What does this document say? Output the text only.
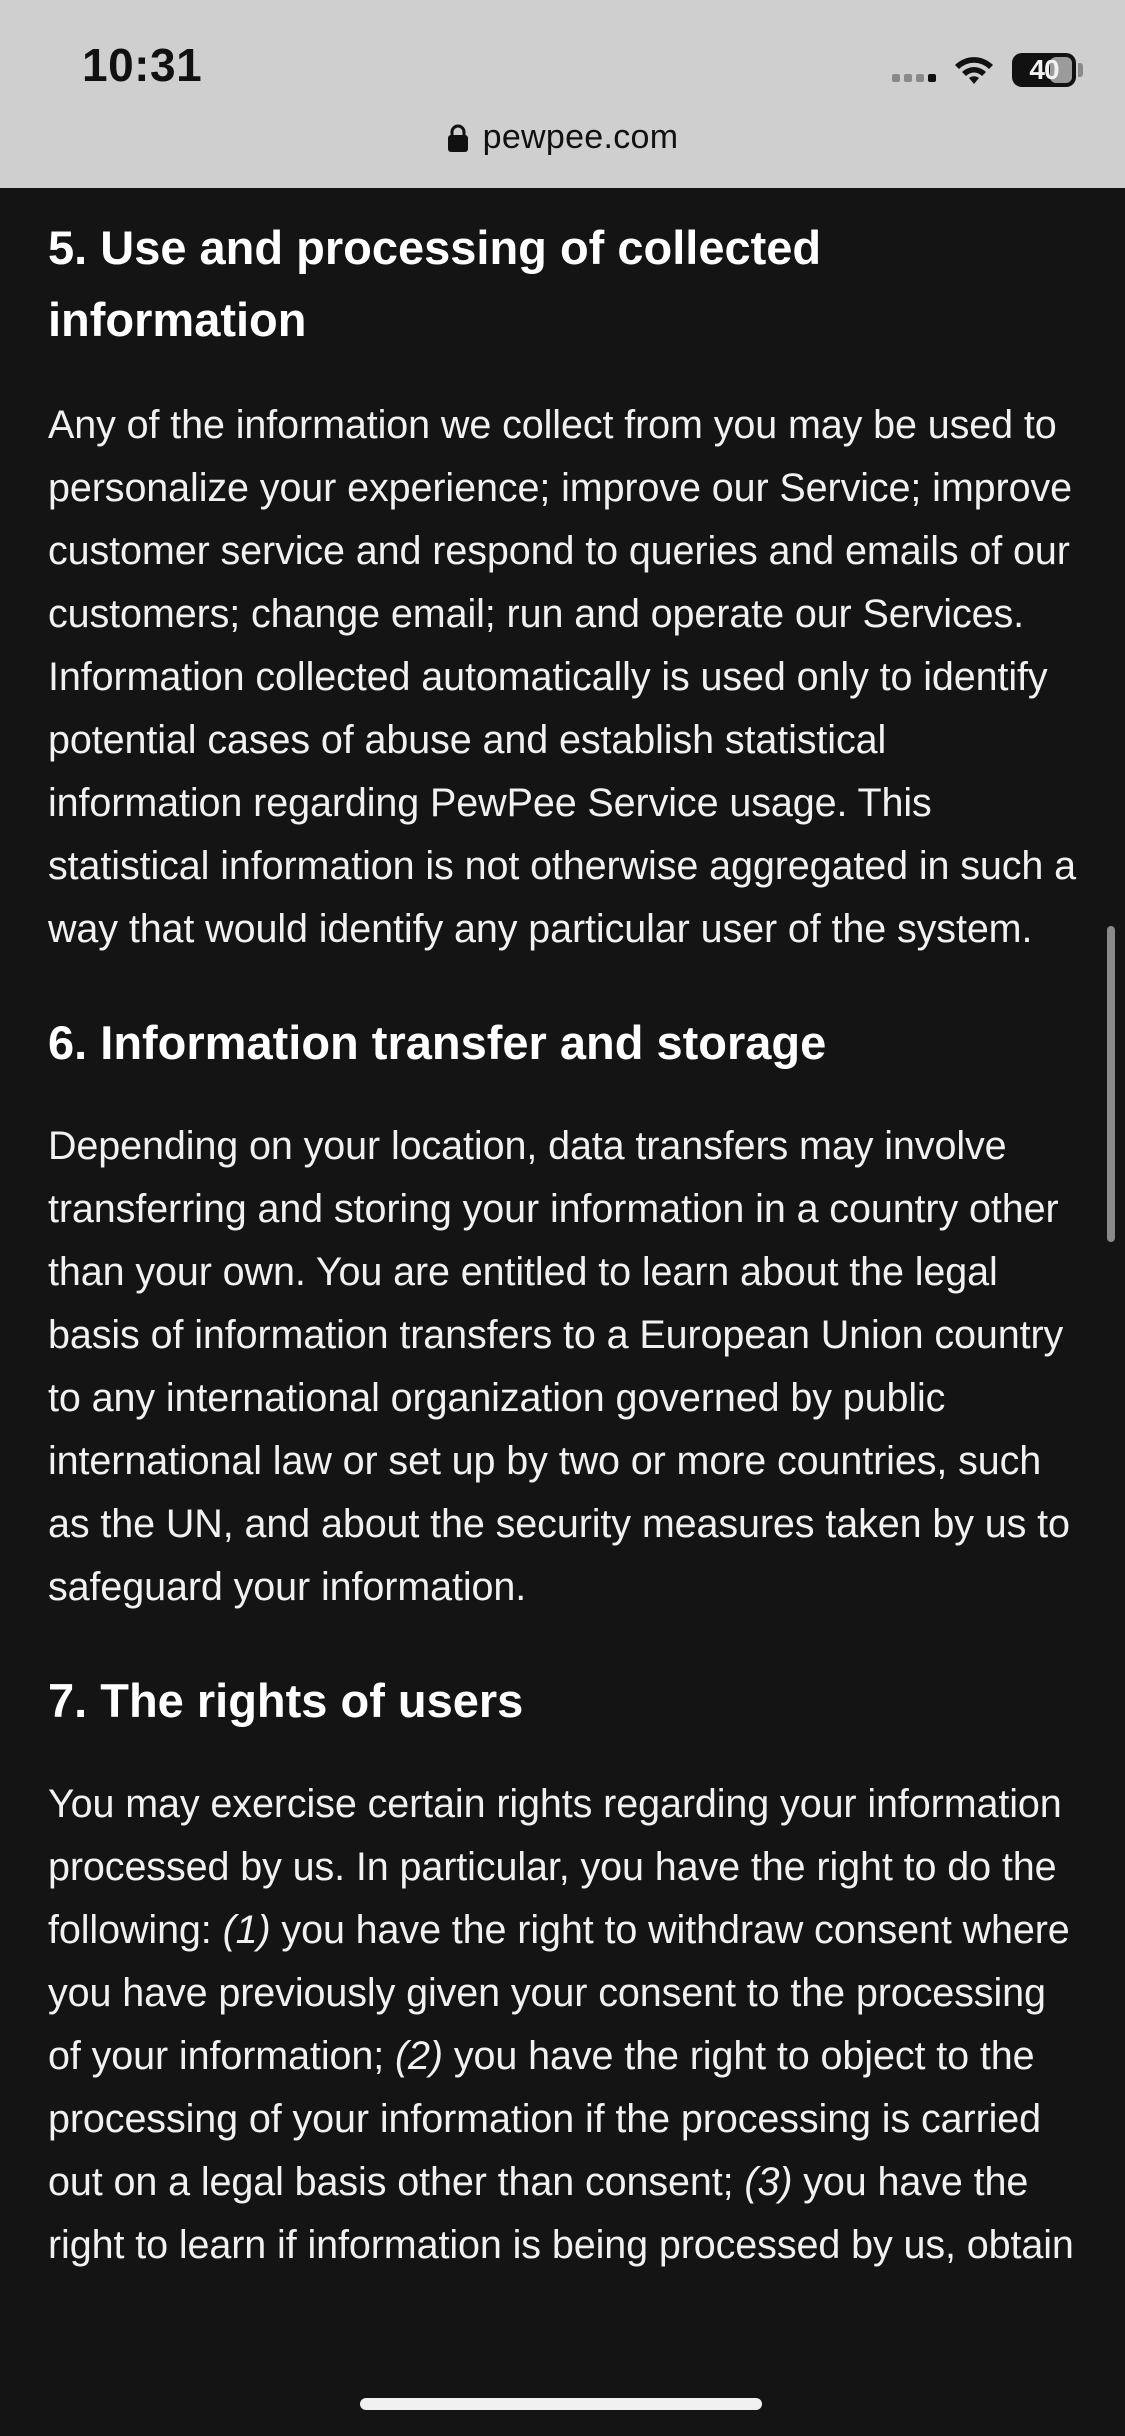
10:31	40
pewpee.com
5. Use and processing of collected information

Any of the information we collect from you may be used to personalize your experience; improve our Service; improve customer service and respond to queries and emails of our customers; change email; run and operate our Services. Information collected automatically is used only to identify potential cases of abuse and establish statistical information regarding PewPee Service usage. This statistical information is not otherwise aggregated in such a way that would identify any particular user of the system.

6. Information transfer and storage

Depending on your location, data transfers may involve transferring and storing your information in a country other than your own. You are entitled to learn about the legal basis of information transfers to a European Union country to any international organization governed by public international law or set up by two or more countries, such as the UN, and about the security measures taken by us to safeguard your information.

7. The rights of users

You may exercise certain rights regarding your information processed by us. In particular, you have the right to do the following: (1) you have the right to withdraw consent where you have previously given your consent to the processing of your information; (2) you have the right to object to the processing of your information if the processing is carried out on a legal basis other than consent; (3) you have the right to learn if information is being processed by us, obtain
